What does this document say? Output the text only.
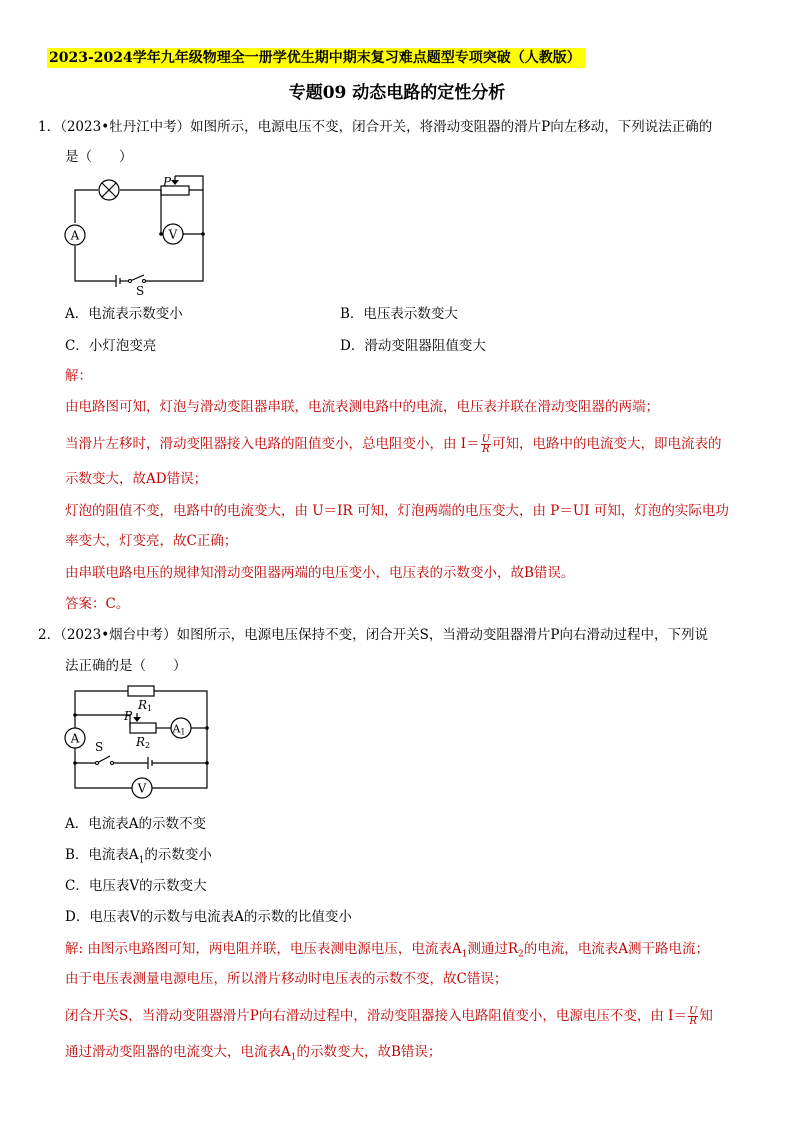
2023-2024学年九年级物理全一册学优生期中期末复习难点题型专项突破（人教版）
专题09 动态电路的定性分析
1．（2023•牡丹江中考）如图所示，电源电压不变，闭合开关，将滑动变阻器的滑片P向左移动，下列说法正确的
是（　　）
A	V
P
S
A．电流表示数变小	B．电压表示数变大
C．小灯泡变亮	D．滑动变阻器阻值变大
解：
由电路图可知，灯泡与滑动变阻器串联，电流表测电路中的电流，电压表并联在滑动变阻器的两端；
当滑片左移时，滑动变阻器接入电路的阻值变小，总电阻变小，由 $I= \frac{U}{R}$ 可知，电路中的电流变大，即电流表的
示数变大，故AD错误；
灯泡的阻值不变，电路中的电流变大，由 U＝IR 可知，灯泡两端的电压变大，由 P＝UI 可知，灯泡的实际电功
率变大，灯变亮，故C正确；
由串联电路电压的规律知滑动变阻器两端的电压变小，电压表的示数变小，故B错误。
答案：C。
2．（2023•烟台中考）如图所示，电源电压保持不变，闭合开关S，当滑动变阻器滑片P向右滑动过程中，下列说
法正确的是（　　）
A
A1
V
R1
P
R2
S
A．电流表A的示数不变
B．电流表$A_1$的示数变小
C．电压表V的示数变大
D．电压表V的示数与电流表A的示数的比值变小
解: 由图示电路图可知，两电阻并联，电压表测电源电压，电流表$A_1$测通过$R_2$的电流，电流表A测干路电流；
由于电压表测量电源电压，所以滑片移动时电压表的示数不变，故C错误；
闭合开关S，当滑动变阻器滑片P向右滑动过程中，滑动变阻器接入电路阻值变小，电源电压不变，由 $I= \frac{U}{R}$ 知
通过滑动变阻器的电流变大，电流表$A_1$的示数变大，故B错误；
